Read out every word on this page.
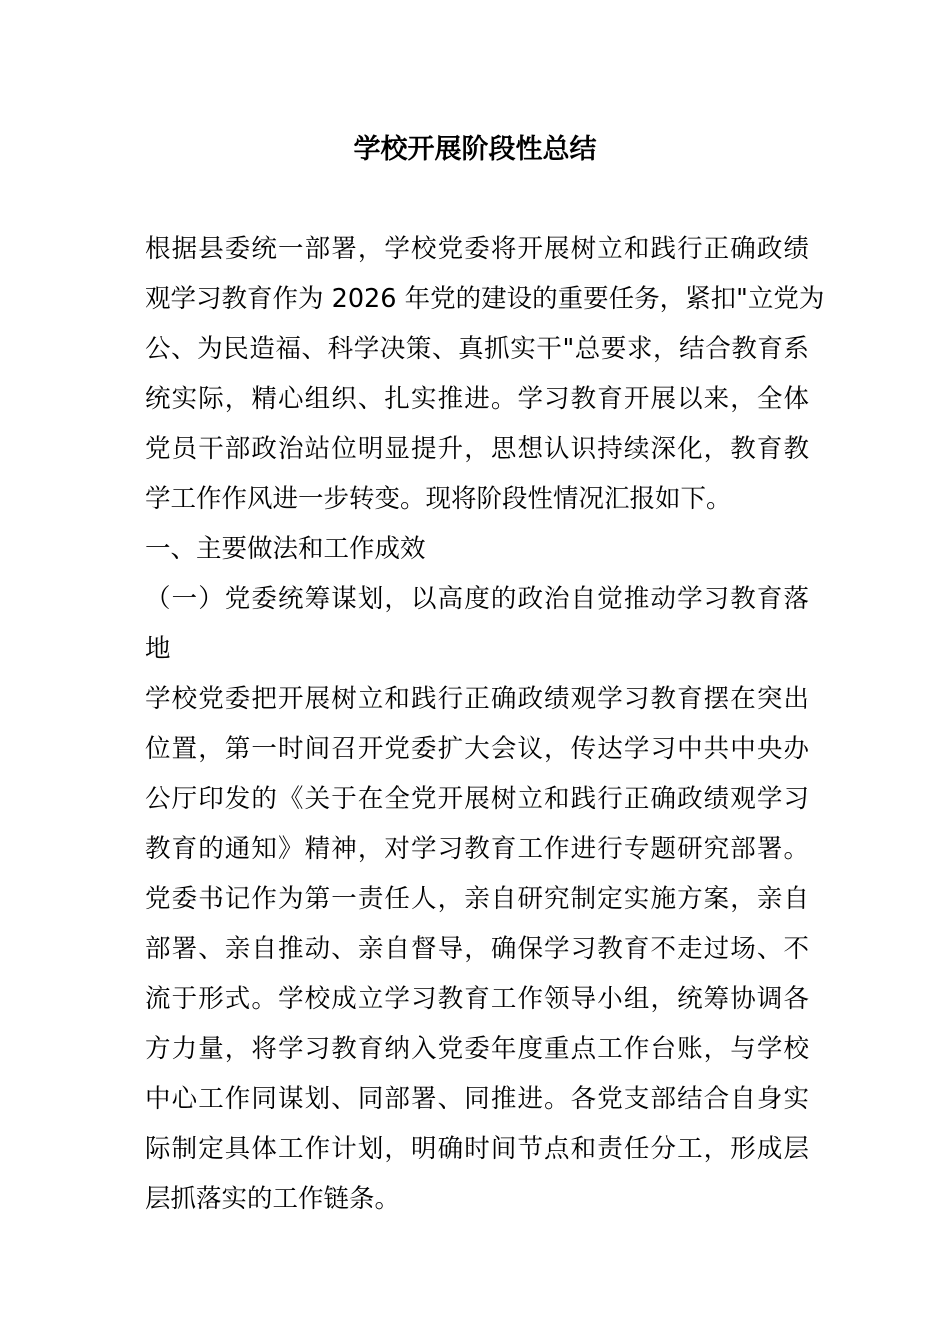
学校开展阶段性总结
根据县委统一部署，学校党委将开展树立和践行正确政绩
观学习教育作为 2026 年党的建设的重要任务，紧扣"立党为
公、为民造福、科学决策、真抓实干"总要求，结合教育系
统实际，精心组织、扎实推进。学习教育开展以来，全体
党员干部政治站位明显提升，思想认识持续深化，教育教
学工作作风进一步转变。现将阶段性情况汇报如下。
一、主要做法和工作成效
（一）党委统筹谋划，以高度的政治自觉推动学习教育落
地
学校党委把开展树立和践行正确政绩观学习教育摆在突出
位置，第一时间召开党委扩大会议，传达学习中共中央办
公厅印发的《关于在全党开展树立和践行正确政绩观学习
教育的通知》精神，对学习教育工作进行专题研究部署。
党委书记作为第一责任人，亲自研究制定实施方案，亲自
部署、亲自推动、亲自督导，确保学习教育不走过场、不
流于形式。学校成立学习教育工作领导小组，统筹协调各
方力量，将学习教育纳入党委年度重点工作台账，与学校
中心工作同谋划、同部署、同推进。各党支部结合自身实
际制定具体工作计划，明确时间节点和责任分工，形成层
层抓落实的工作链条。
